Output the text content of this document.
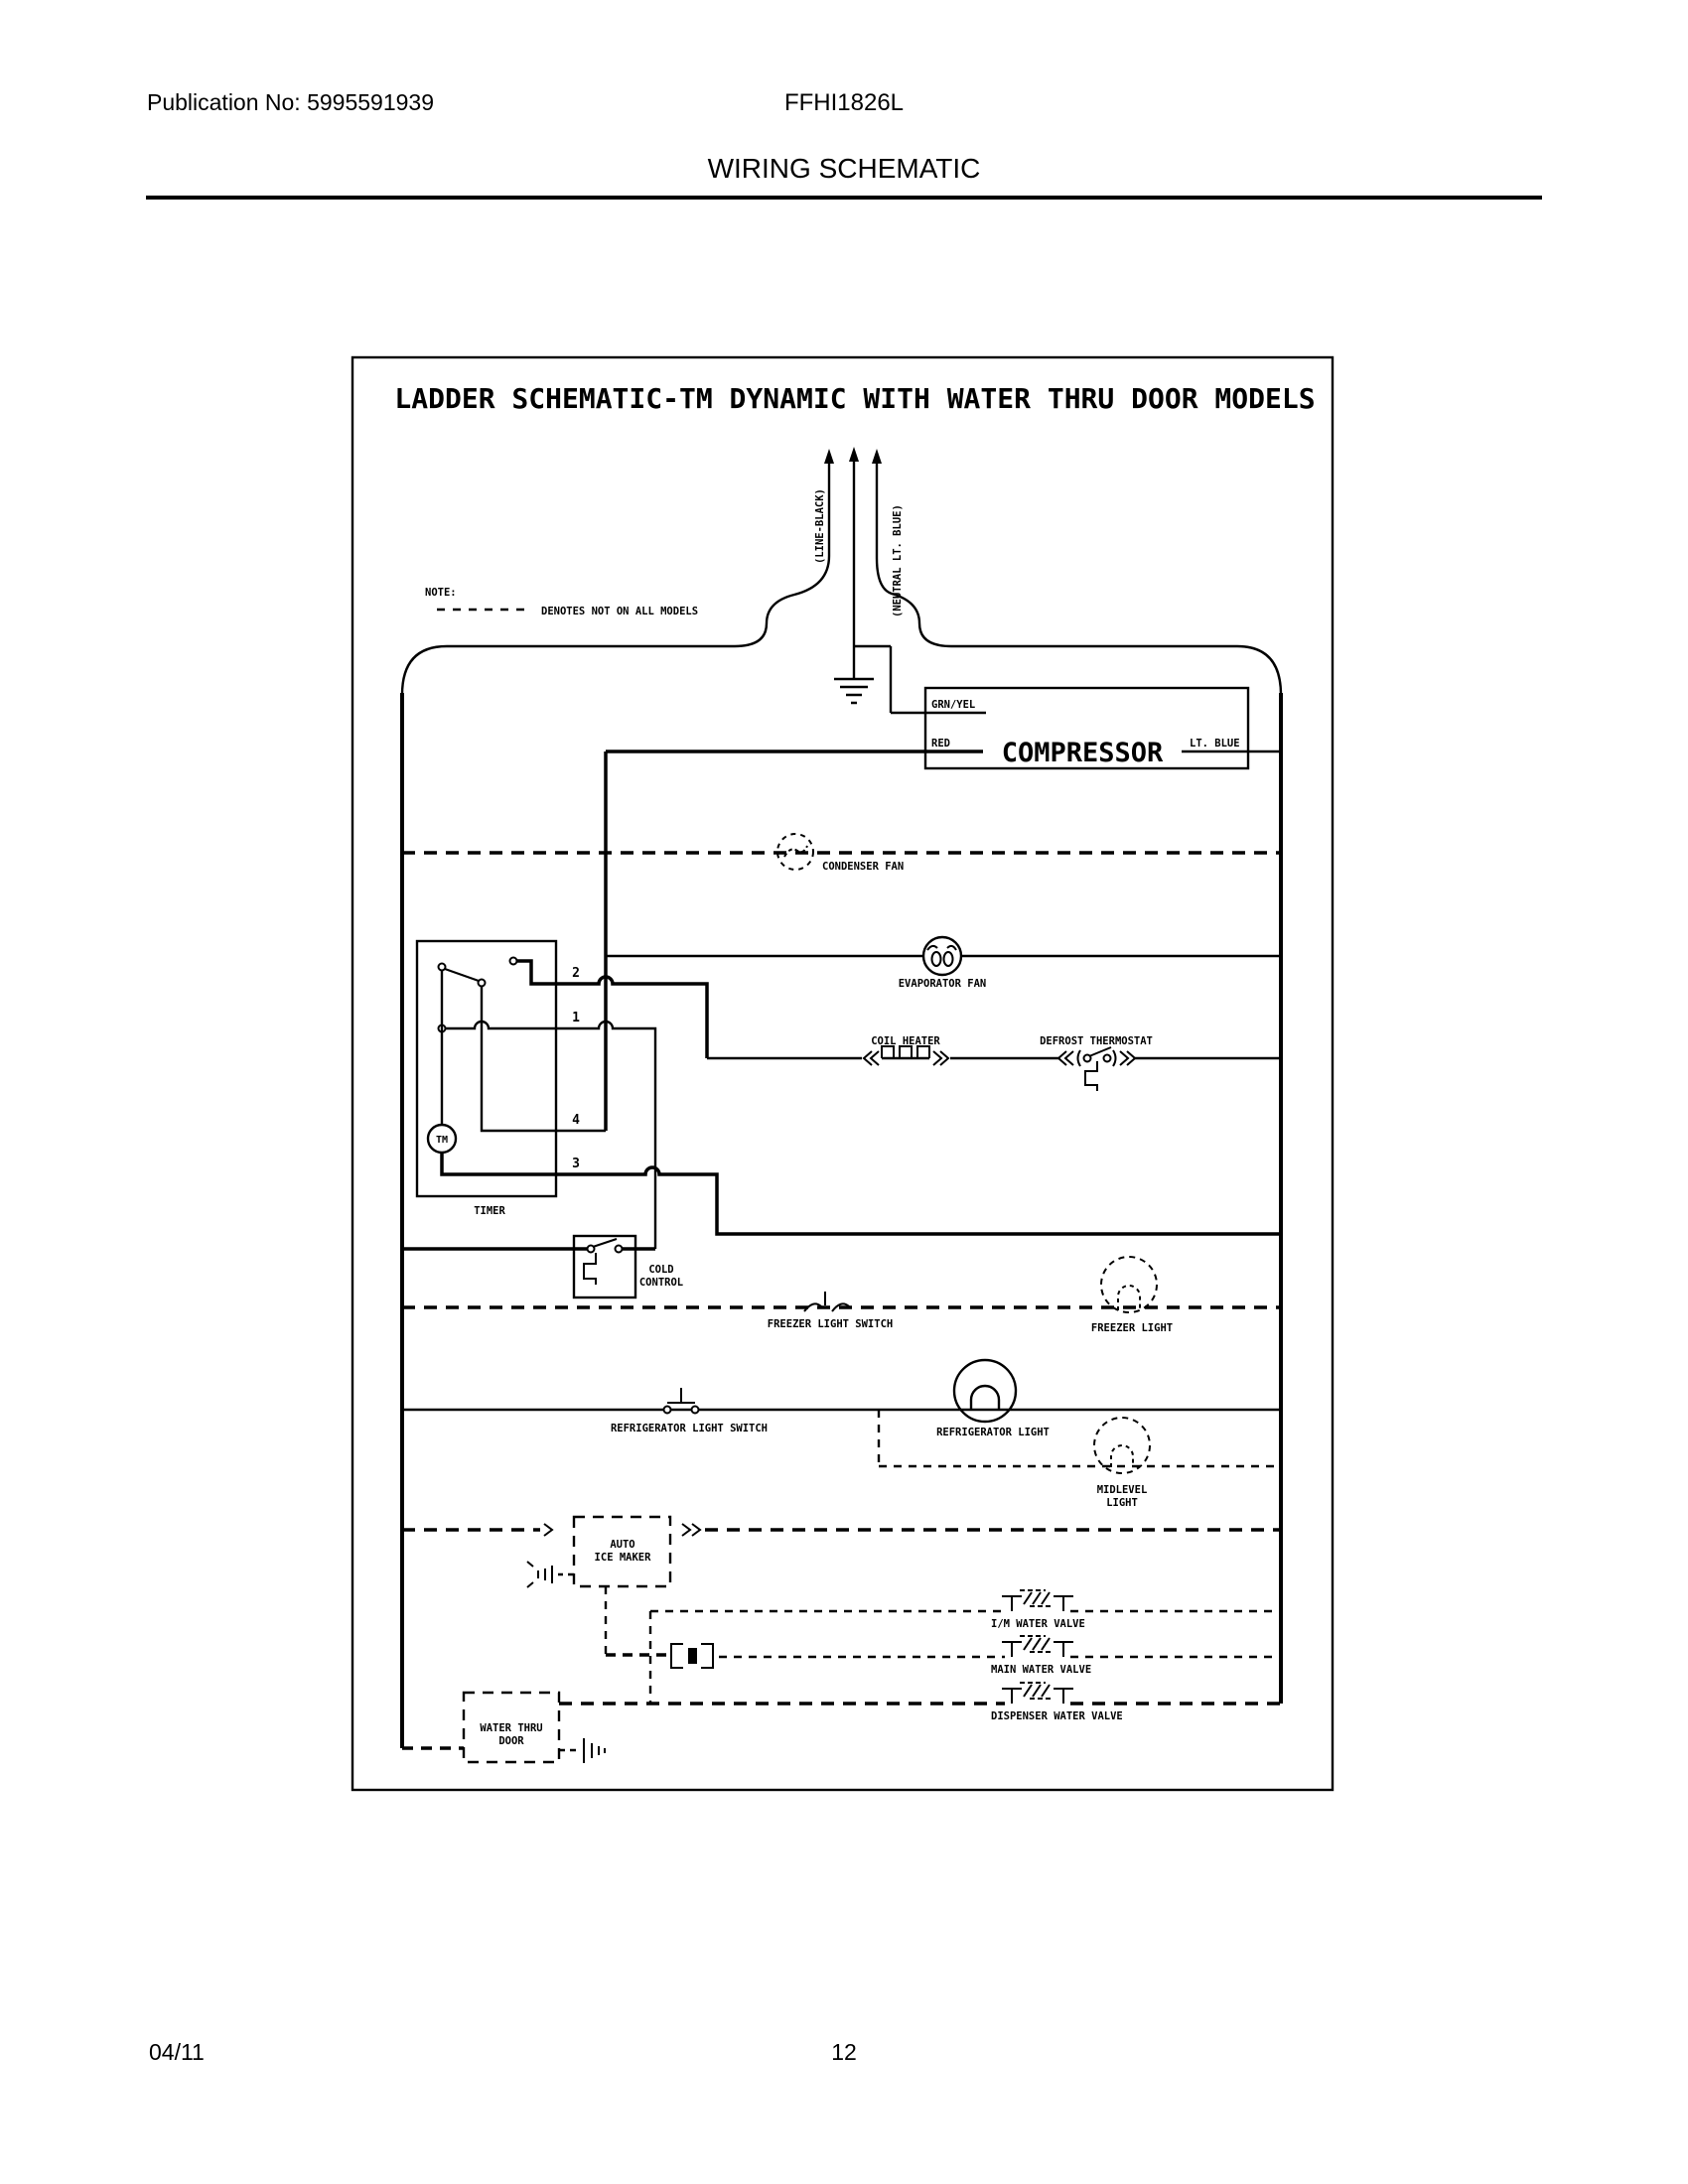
Publication No: 5995591939	FFHI1826L
WIRING SCHEMATIC
LADDER SCHEMATIC-TM DYNAMIC WITH WATER THRU DOOR MODELS
NOTE:
DENOTES NOT ON ALL MODELS
(LINE-BLACK)	(NEUTRAL LT. BLUE)
GRN/YEL
RED	LT. BLUE
COMPRESSOR
CONDENSER FAN
EVAPORATOR FAN
COIL HEATER	DEFROST THERMOSTAT
TM
2
1
4
3
TIMER
COLD
CONTROL
FREEZER LIGHT SWITCH	FREEZER LIGHT
REFRIGERATOR LIGHT SWITCH	REFRIGERATOR LIGHT
MIDLEVEL
LIGHT
AUTO
ICE MAKER
I/M WATER VALVE
MAIN WATER VALVE
DISPENSER WATER VALVE
WATER THRU
DOOR
04/11	12
